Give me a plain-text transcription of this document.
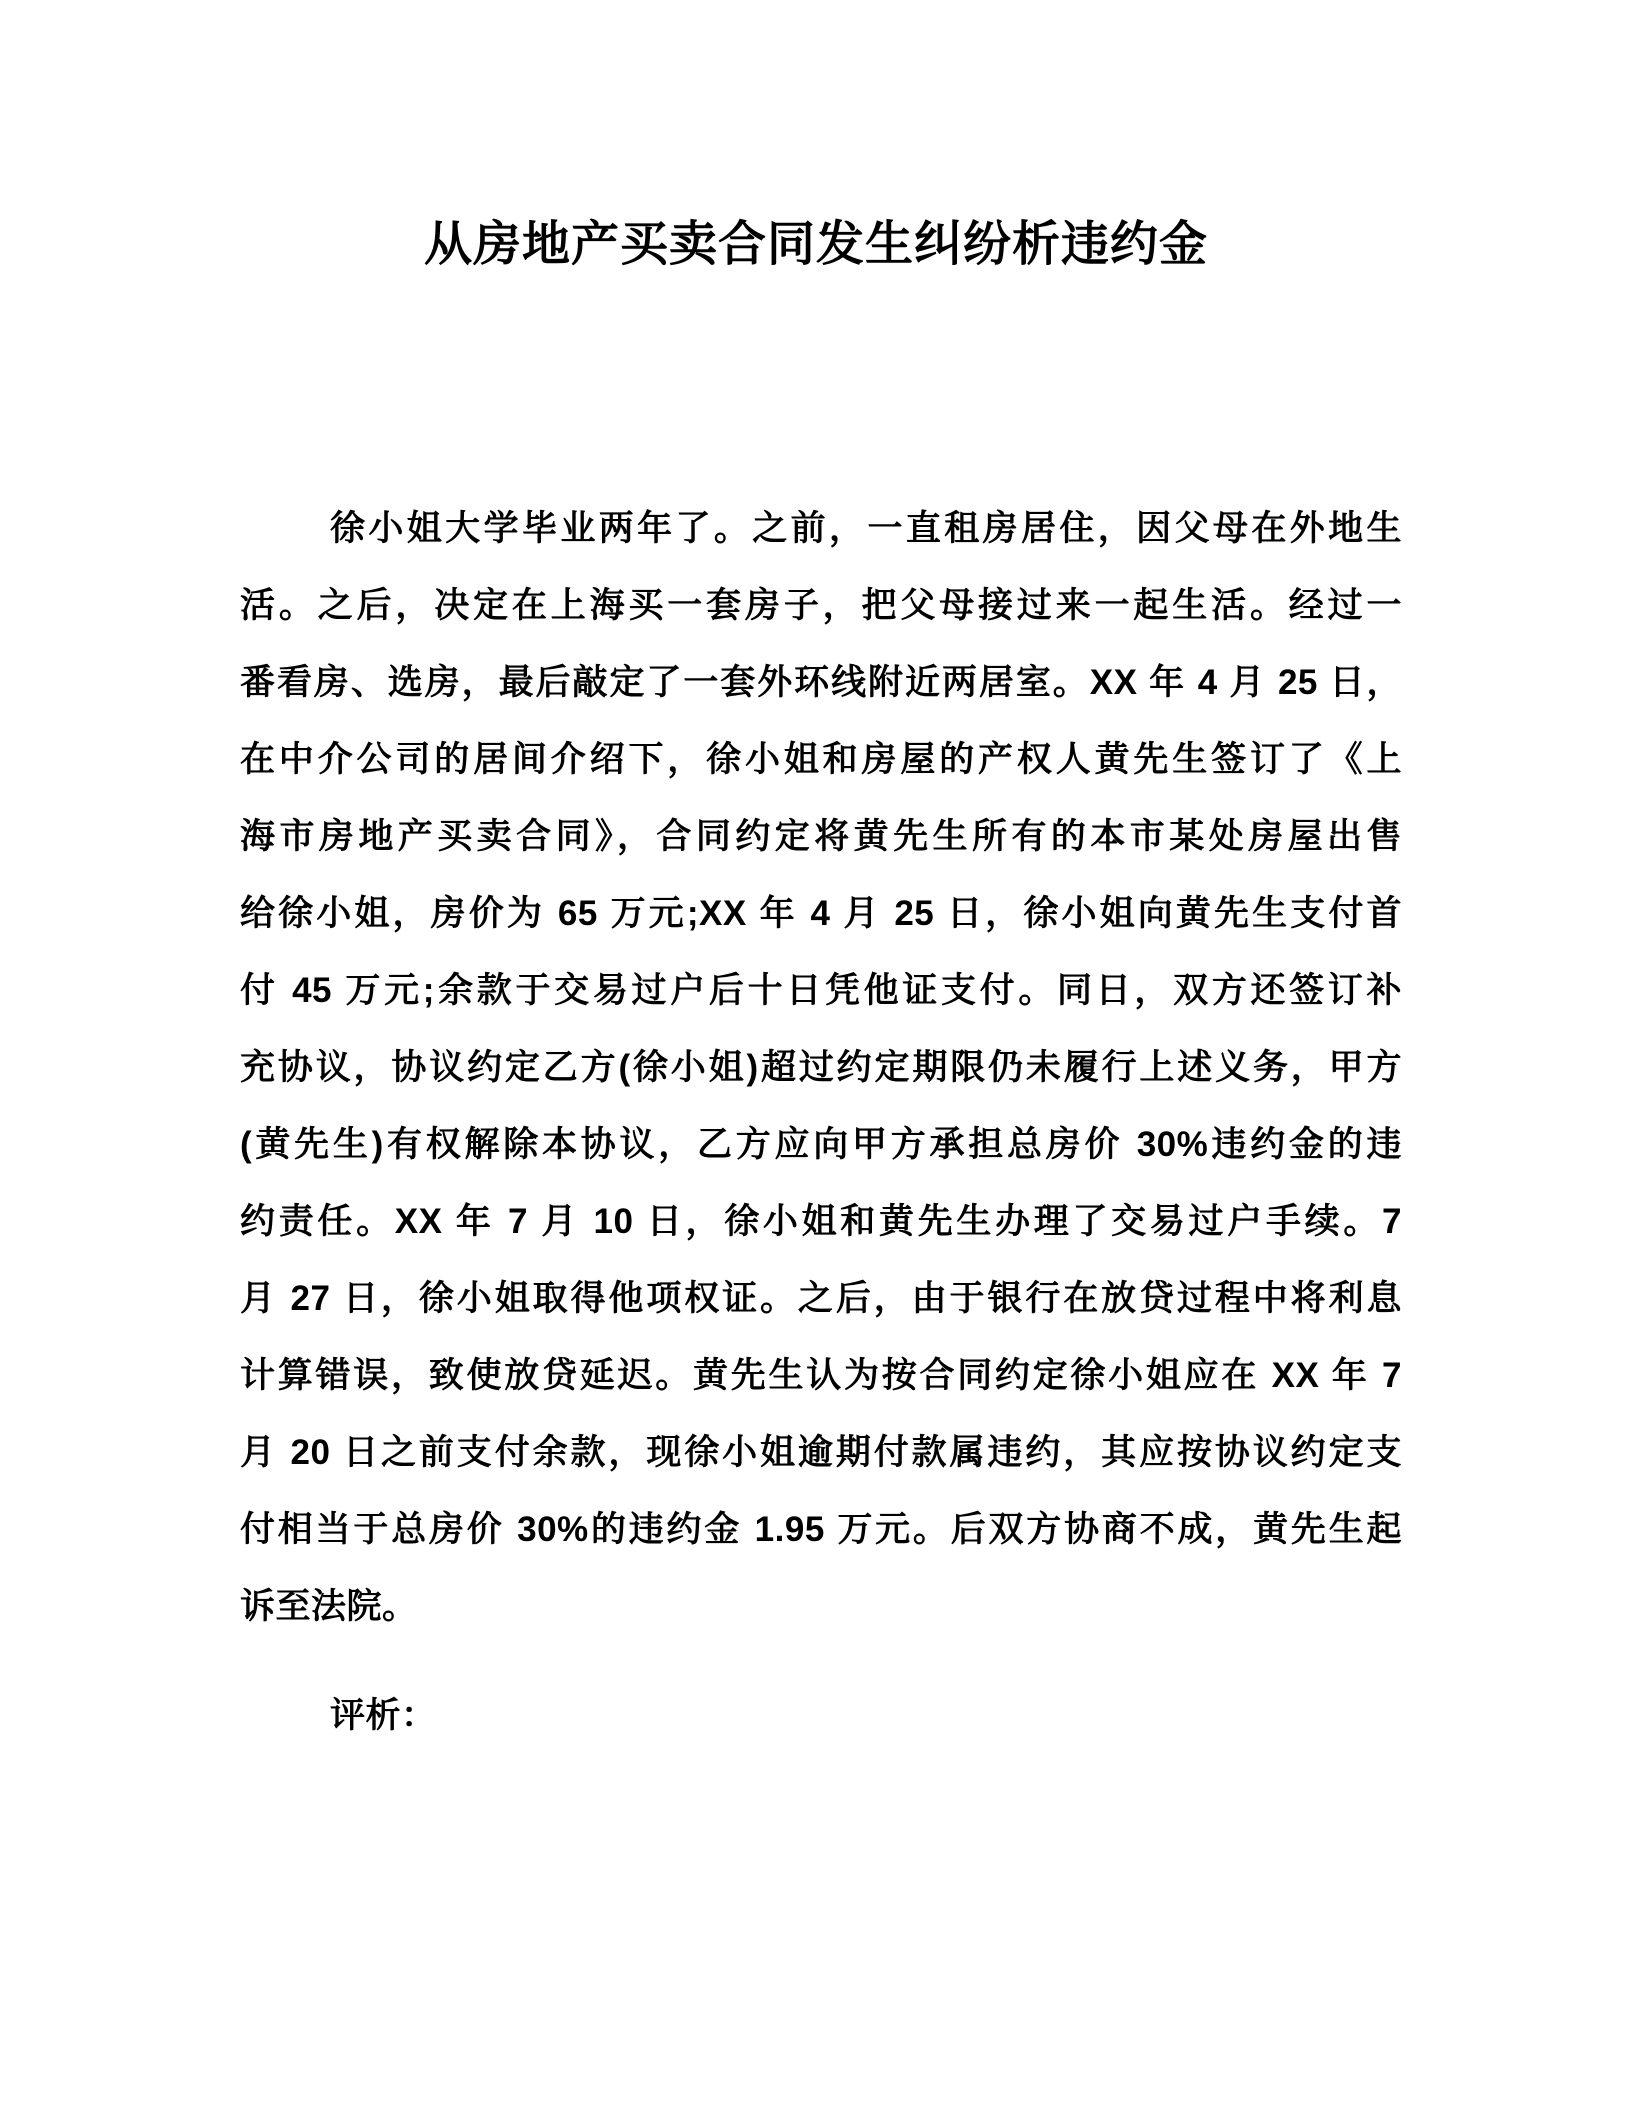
从房地产买卖合同发生纠纷析违约金
徐小姐大学毕业两年了。之前，一直租房居住，因父母在外地生
活。之后，决定在上海买一套房子，把父母接过来一起生活。经过一
番看房、选房，最后敲定了一套外环线附近两居室。XX 年 4 月 25 日，
在中介公司的居间介绍下，徐小姐和房屋的产权人黄先生签订了《上
海市房地产买卖合同》，合同约定将黄先生所有的本市某处房屋出售
给徐小姐，房价为 65 万元;XX 年 4 月 25 日，徐小姐向黄先生支付首
付 45 万元;余款于交易过户后十日凭他证支付。同日，双方还签订补
充协议，协议约定乙方(徐小姐)超过约定期限仍未履行上述义务，甲方
(黄先生)有权解除本协议，乙方应向甲方承担总房价 30%违约金的违
约责任。XX 年 7 月 10 日，徐小姐和黄先生办理了交易过户手续。7
月 27 日，徐小姐取得他项权证。之后，由于银行在放贷过程中将利息
计算错误，致使放贷延迟。黄先生认为按合同约定徐小姐应在 XX 年 7
月 20 日之前支付余款，现徐小姐逾期付款属违约，其应按协议约定支
付相当于总房价 30%的违约金 1.95 万元。后双方协商不成，黄先生起
诉至法院。
评析：
